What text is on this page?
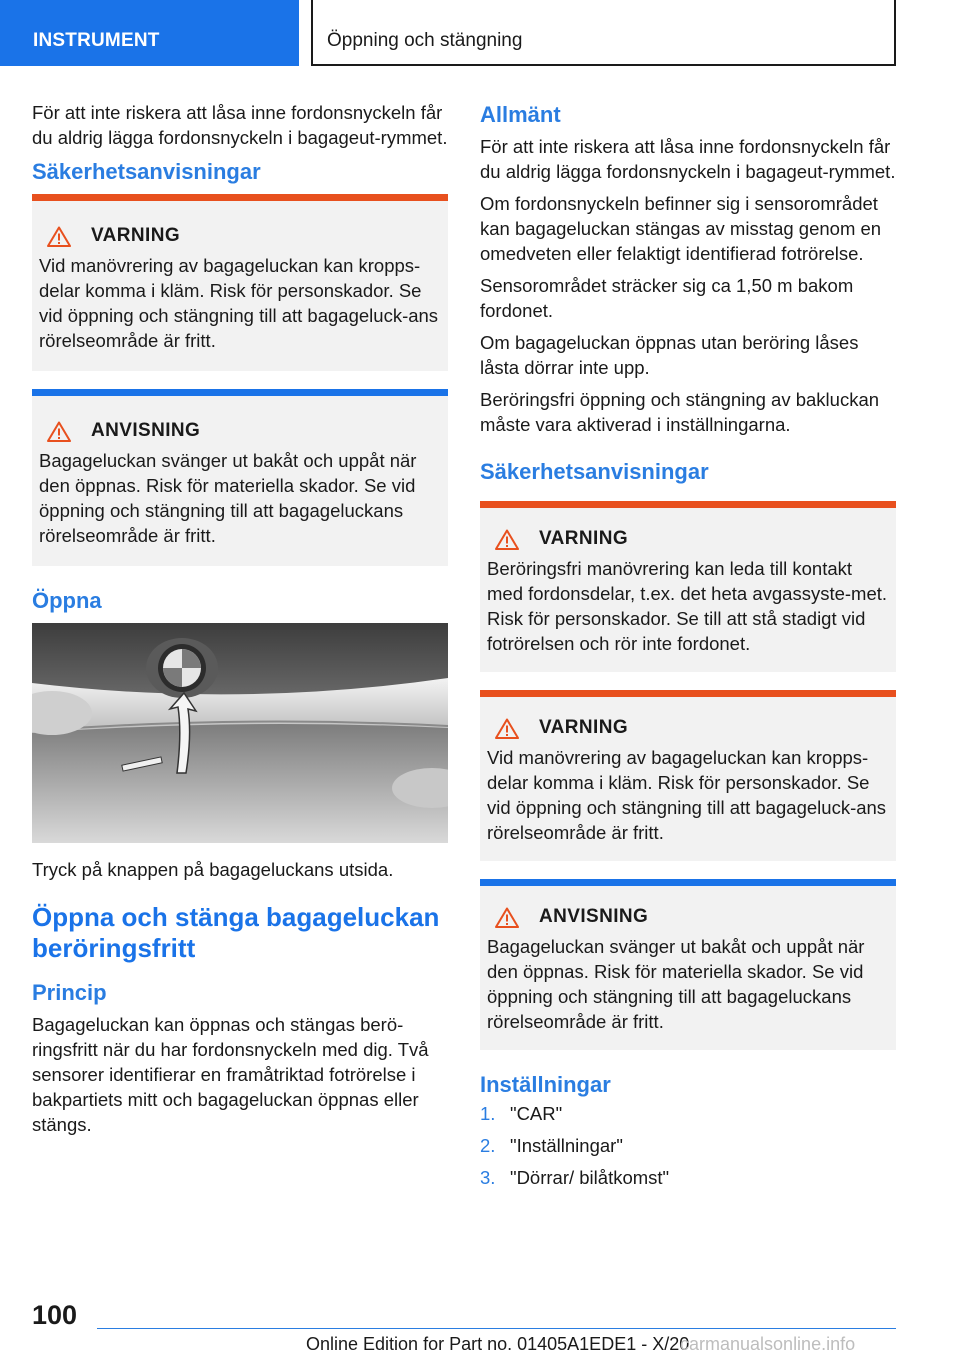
INSTRUMENT	Öppning och stängning

För att inte riskera att låsa inne fordonsnyckeln får du aldrig lägga fordonsnyckeln i bagageut-rymmet.

Säkerhetsanvisningar
VARNING

Vid manövrering av bagageluckan kan kropps-delar komma i kläm. Risk för personskador. Se vid öppning och stängning till att bagageluck-ans rörelseområde är fritt.

ANVISNING

Bagageluckan svänger ut bakåt och uppåt när den öppnas. Risk för materiella skador. Se vid öppning och stängning till att bagageluckans rörelseområde är fritt.

Öppna

Tryck på knappen på bagageluckans utsida.

Öppna och stänga bagageluckan beröringsfritt
Princip

Bagageluckan kan öppnas och stängas berö-ringsfritt när du har fordonsnyckeln med dig. Två sensorer identifierar en framåtriktad fotrörelse i bakpartiets mitt och bagageluckan öppnas eller stängs.

Allmänt

För att inte riskera att låsa inne fordonsnyckeln får du aldrig lägga fordonsnyckeln i bagageut-rymmet.

Om fordonsnyckeln befinner sig i sensorområdet kan bagageluckan stängas av misstag genom en omedveten eller felaktigt identifierad fotrörelse.

Sensorområdet sträcker sig ca 1,50 m bakom fordonet.

Om bagageluckan öppnas utan beröring låses låsta dörrar inte upp.

Beröringsfri öppning och stängning av bakluckan måste vara aktiverad i inställningarna.

Säkerhetsanvisningar
VARNING

Beröringsfri manövrering kan leda till kontakt med fordonsdelar, t.ex. det heta avgassyste-met. Risk för personskador. Se till att stå stadigt vid fotrörelsen och rör inte fordonet.

VARNING

Vid manövrering av bagageluckan kan kropps-delar komma i kläm. Risk för personskador. Se vid öppning och stängning till att bagageluck-ans rörelseområde är fritt.

ANVISNING

Bagageluckan svänger ut bakåt och uppåt när den öppnas. Risk för materiella skador. Se vid öppning och stängning till att bagageluckans rörelseområde är fritt.

Inställningar
1. "CAR"
2. "Inställningar"
3. "Dörrar/ bilåtkomst"
100
Online Edition for Part no. 01405A1EDE1 - X/20
carmanualsonline.info
